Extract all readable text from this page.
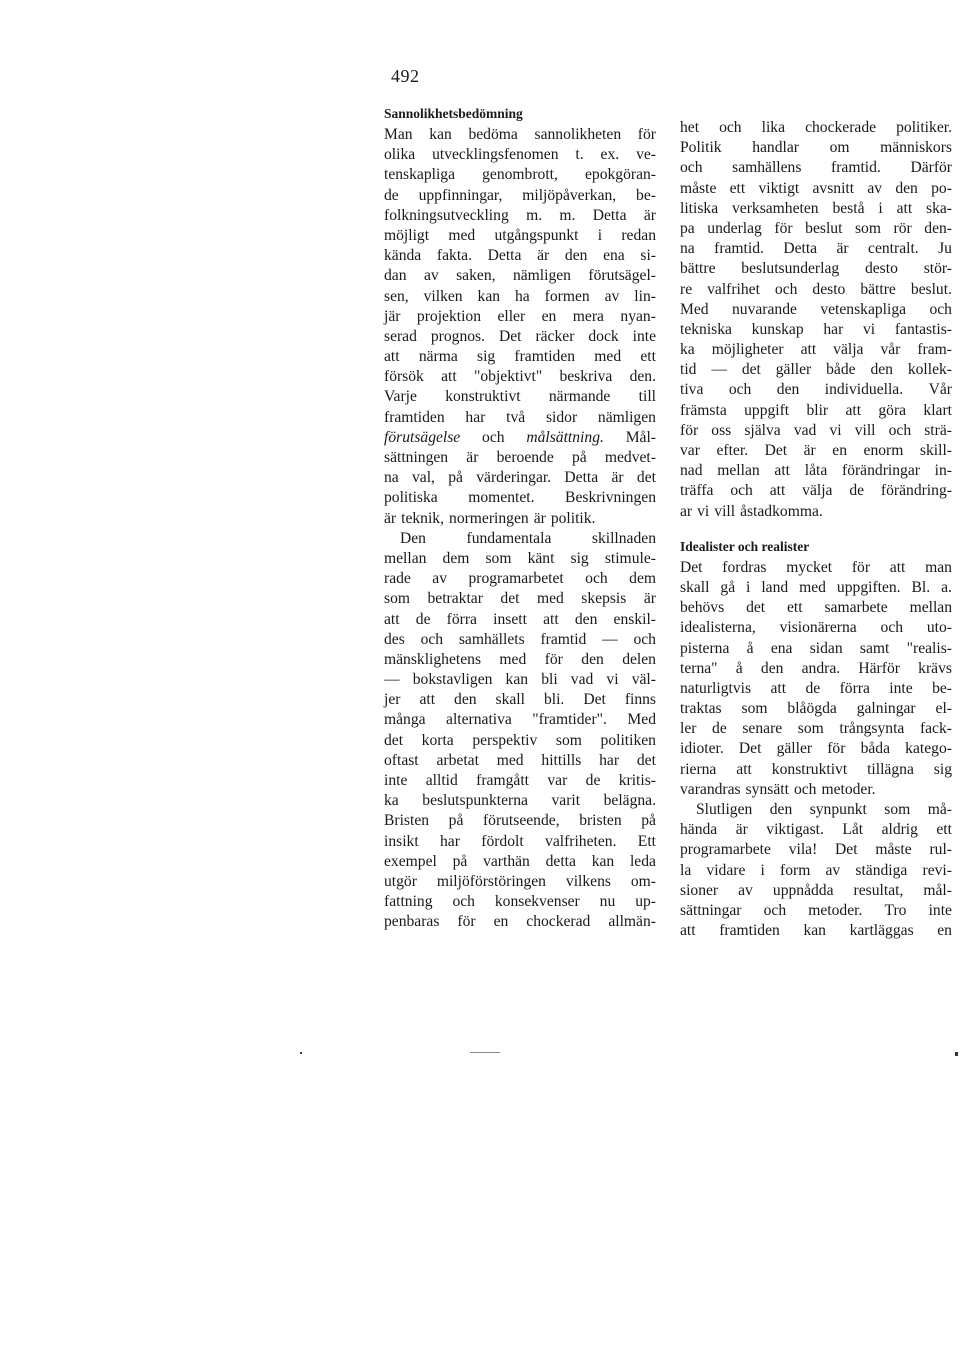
492
Sannolikhetsbedömning
Man kan bedöma sannolikheten för
olika utvecklingsfenomen t. ex. ve-
tenskapliga genombrott, epokgöran-
de uppfinningar, miljöpåverkan, be-
folkningsutveckling m. m. Detta är
möjligt med utgångspunkt i redan
kända fakta. Detta är den ena si-
dan av saken, nämligen förutsägel-
sen, vilken kan ha formen av lin-
jär projektion eller en mera nyan-
serad prognos. Det räcker dock inte
att närma sig framtiden med ett
försök att "objektivt" beskriva den.
Varje konstruktivt närmande till
framtiden har två sidor nämligen
förutsägelse och målsättning. Mål-
sättningen är beroende på medvet-
na val, på värderingar. Detta är det
politiska momentet. Beskrivningen
är teknik, normeringen är politik.
Den	fundamentala	skillnaden
mellan dem som känt sig stimule-
rade av programarbetet och dem
som betraktar det med skepsis är
att de förra insett att den enskil-
des och samhällets framtid — och
mänsklighetens med för den delen
— bokstavligen kan bli vad vi väl-
jer att den skall bli. Det finns
många alternativa "framtider". Med
det korta perspektiv som politiken
oftast arbetat med hittills har det
inte alltid framgått var de kritis-
ka beslutspunkterna varit belägna.
Bristen på förutseende, bristen på
insikt har fördolt valfriheten. Ett
exempel på varthän detta kan leda
utgör miljöförstöringen vilkens om-
fattning och konsekvenser nu up-
penbaras för en chockerad allmän-
het och lika chockerade politiker.
Politik handlar om människors
och samhällens framtid. Därför
måste ett viktigt avsnitt av den po-
litiska verksamheten bestå i att ska-
pa underlag för beslut som rör den-
na framtid. Detta är centralt. Ju
bättre beslutsunderlag desto stör-
re valfrihet och desto bättre beslut.
Med nuvarande vetenskapliga och
tekniska kunskap har vi fantastis-
ka möjligheter att välja vår fram-
tid — det gäller både den kollek-
tiva och den individuella. Vår
främsta uppgift blir att göra klart
för oss själva vad vi vill och strä-
var efter. Det är en enorm skill-
nad mellan att låta förändringar in-
träffa och att välja de förändring-
ar vi vill åstadkomma.
Idealister och realister
Det fordras mycket för att man
skall gå i land med uppgiften. Bl. a.
behövs det ett samarbete mellan
idealisterna, visionärerna och uto-
pisterna å ena sidan samt "realis-
terna" å den andra. Härför krävs
naturligtvis att de förra inte be-
traktas som blåögda galningar el-
ler de senare som trångsynta fack-
idioter. Det gäller för båda katego-
rierna att konstruktivt tillägna sig
varandras synsätt och metoder.
Slutligen den synpunkt som må-
hända är viktigast. Låt aldrig ett
programarbete vila! Det måste rul-
la vidare i form av ständiga revi-
sioner av uppnådda resultat, mål-
sättningar och metoder. Tro inte
att framtiden kan kartläggas en
